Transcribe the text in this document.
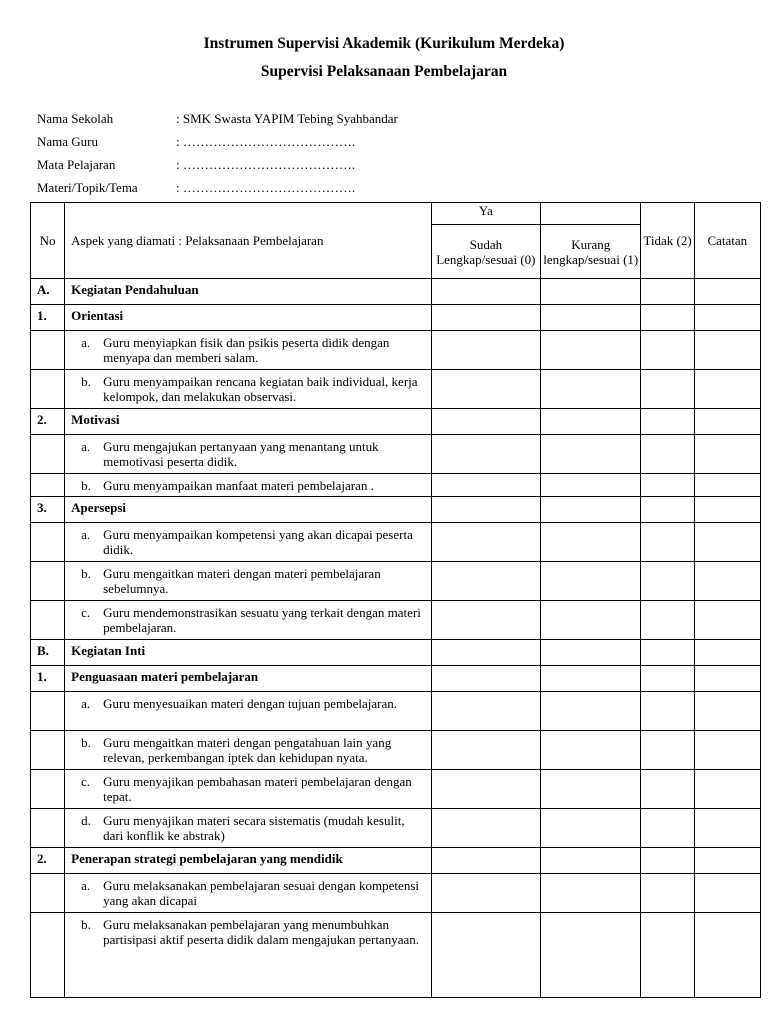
Instrumen Supervisi Akademik (Kurikulum Merdeka)
Supervisi Pelaksanaan Pembelajaran
Nama Sekolah	: SMK Swasta YAPIM Tebing Syahbandar
Nama Guru	: ………………………………….
Mata Pelajaran	: ………………………………….
Materi/Topik/Tema	: ………………………………….
No	Aspek yang diamati : Pelaksanaan Pembelajaran	Ya		Tidak (2)	Catatan
		Sudah Lengkap/sesuai (0)	Kurang lengkap/sesuai (1)		
A.	Kegiatan Pendahuluan				
1.	Orientasi				

	a. Guru menyiapkan fisik dan psikis peserta didik dengan menyapa dan memberi salam.				

	b. Guru menyampaikan rencana kegiatan baik individual, kerja kelompok, dan melakukan observasi.				

2.	Motivasi				

	a. Guru mengajukan pertanyaan yang menantang untuk memotivasi peserta didik.				

	b. Guru menyampaikan manfaat materi pembelajaran .				

3.	Apersepsi				

	a. Guru menyampaikan kompetensi yang akan dicapai peserta didik.				

	b. Guru mengaitkan materi dengan materi pembelajaran sebelumnya.				

	c. Guru mendemonstrasikan sesuatu yang terkait dengan materi pembelajaran.				

B.	Kegiatan Inti				
1.	Penguasaan materi pembelajaran				

	a. Guru menyesuaikan materi dengan tujuan pembelajaran.				

	b. Guru mengaitkan materi dengan pengatahuan lain yang relevan, perkembangan iptek dan kehidupan nyata.				

	c. Guru menyajikan pembahasan materi pembelajaran dengan tepat.				

	d. Guru menyajikan materi secara sistematis (mudah kesulit, dari konflik ke abstrak)				

2.	Penerapan strategi pembelajaran yang mendidik				

	a. Guru melaksanakan pembelajaran sesuai dengan kompetensi yang akan dicapai				

	b. Guru melaksanakan pembelajaran yang menumbuhkan partisipasi aktif peserta didik dalam mengajukan pertanyaan.				
